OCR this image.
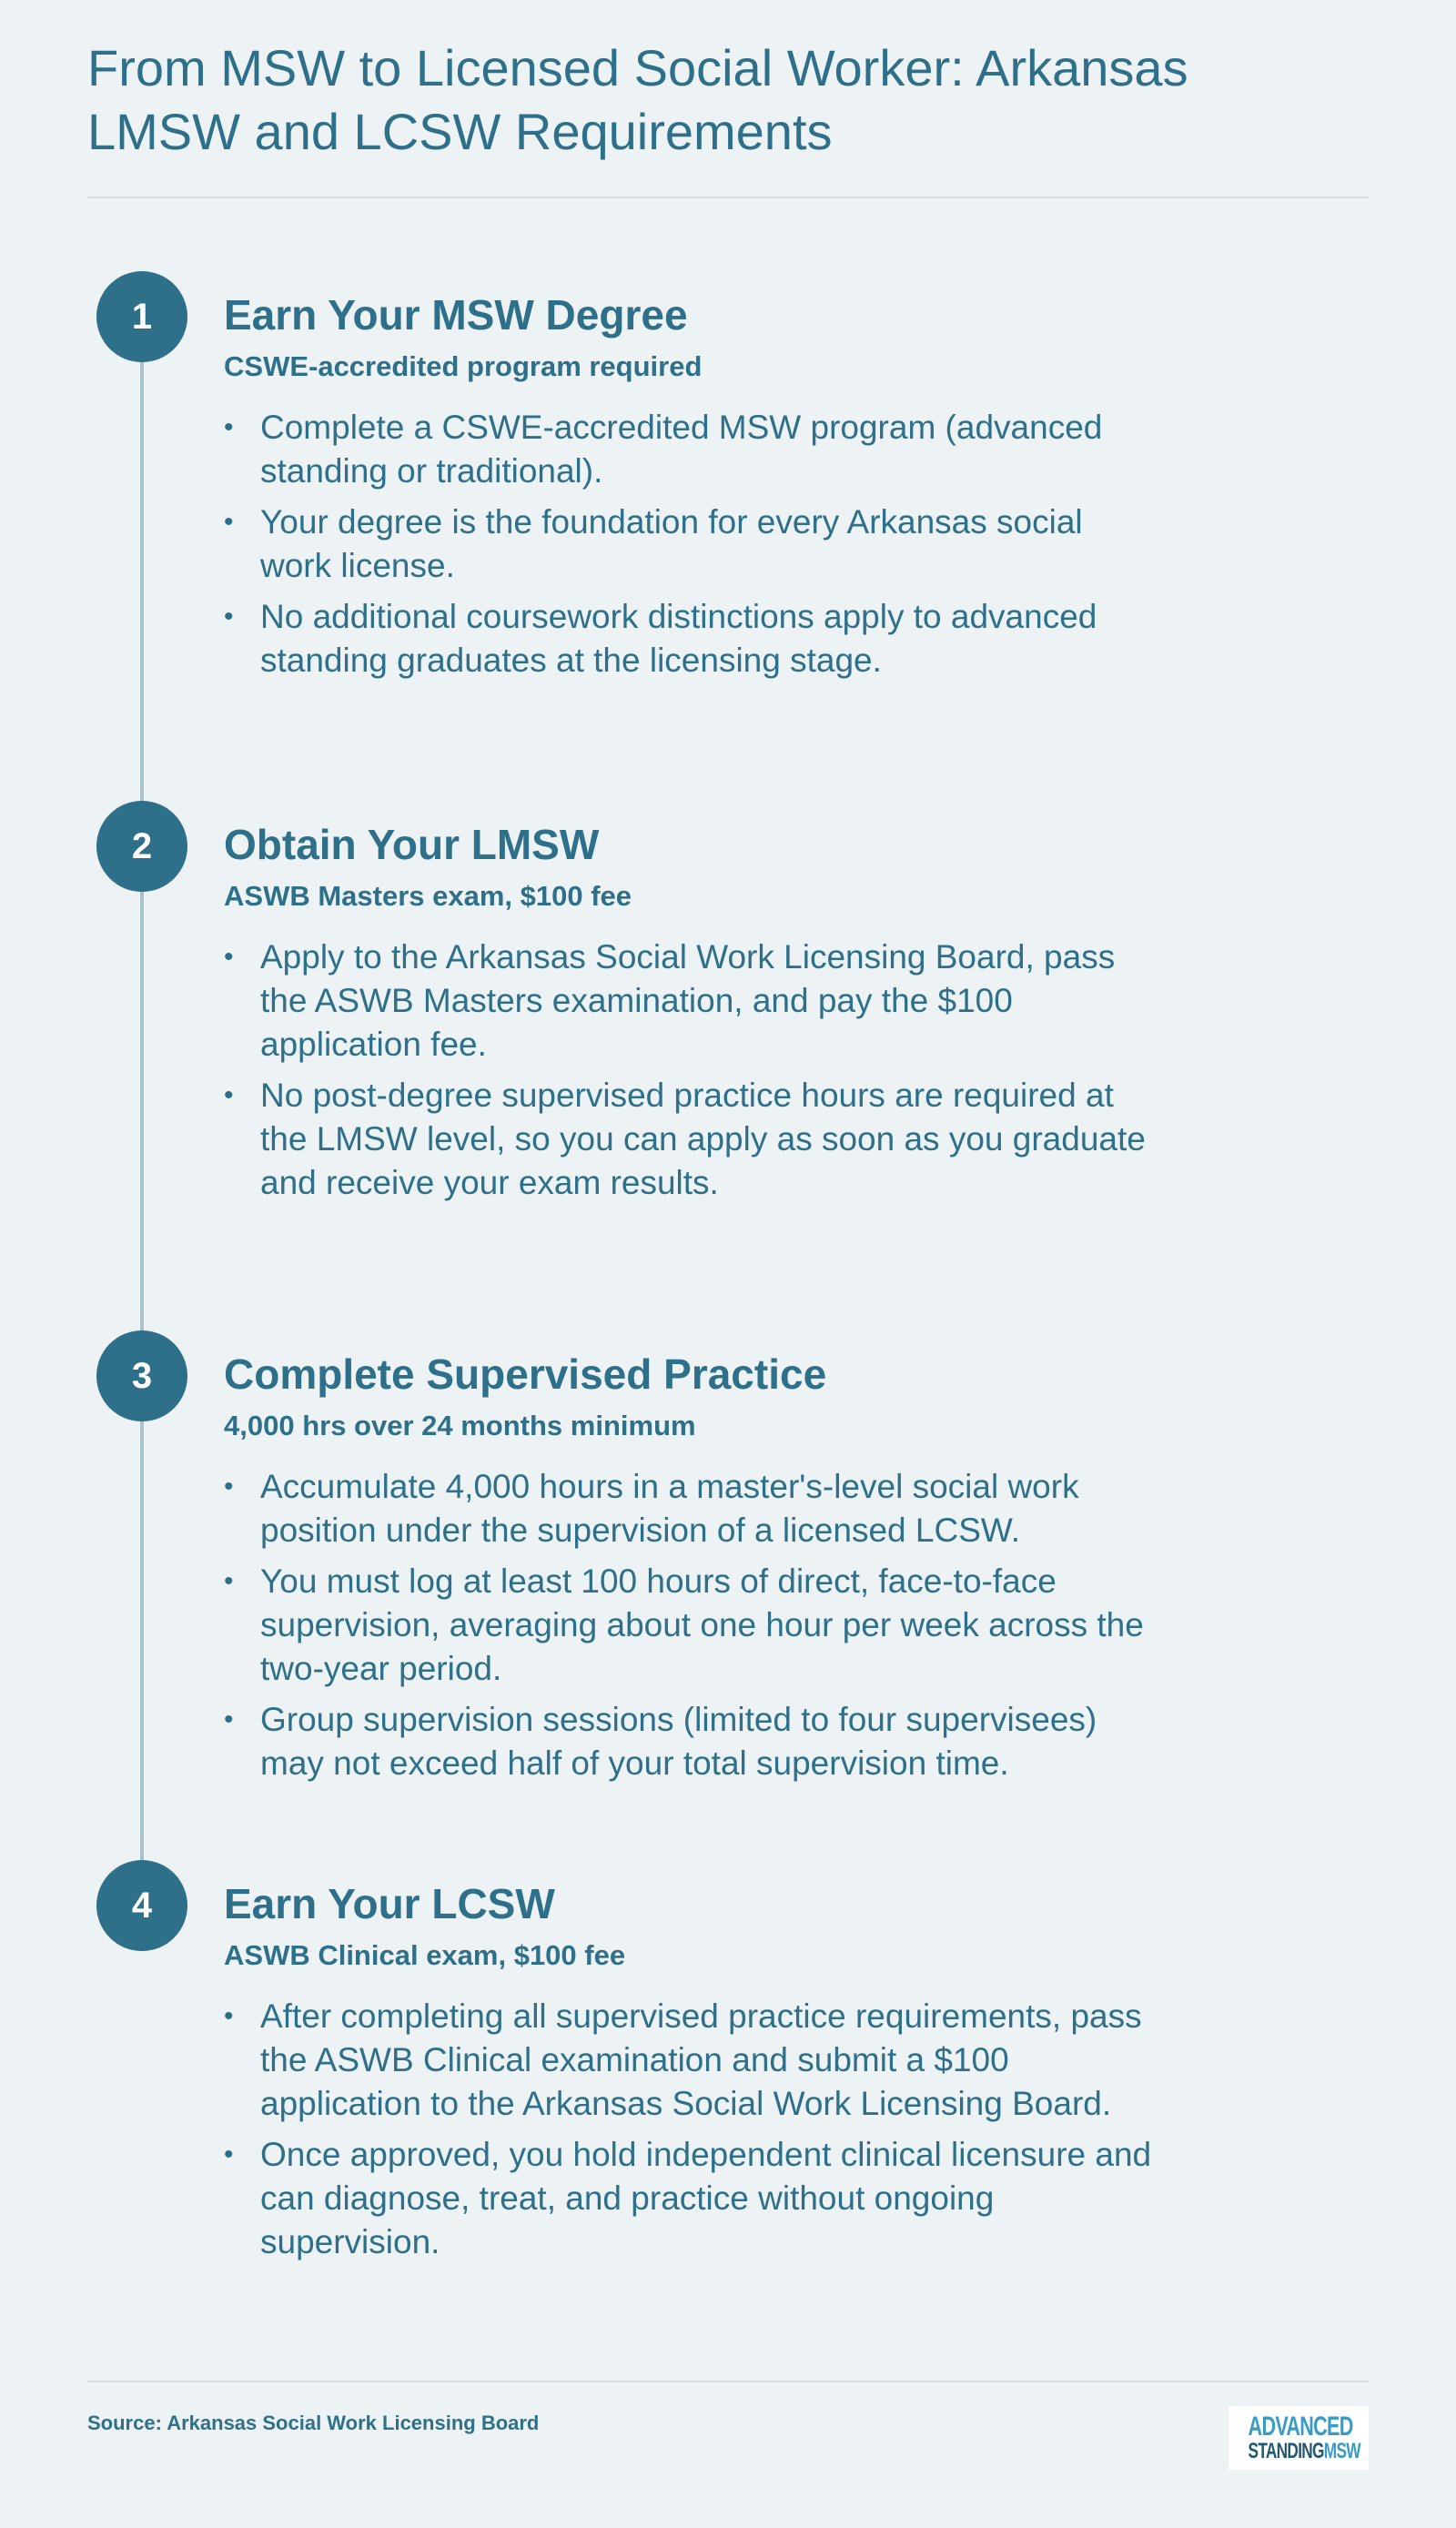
From MSW to Licensed Social Worker: Arkansas LMSW and LCSW Requirements
1	Earn Your MSW Degree
CSWE-accredited program required
• Complete a CSWE-accredited MSW program (advanced standing or traditional).
• Your degree is the foundation for every Arkansas social work license.
• No additional coursework distinctions apply to advanced standing graduates at the licensing stage.
2	Obtain Your LMSW
ASWB Masters exam, $100 fee
• Apply to the Arkansas Social Work Licensing Board, pass the ASWB Masters examination, and pay the $100 application fee.
• No post-degree supervised practice hours are required at the LMSW level, so you can apply as soon as you graduate and receive your exam results.
3	Complete Supervised Practice
4,000 hrs over 24 months minimum
• Accumulate 4,000 hours in a master's-level social work position under the supervision of a licensed LCSW.
• You must log at least 100 hours of direct, face-to-face supervision, averaging about one hour per week across the two-year period.
• Group supervision sessions (limited to four supervisees) may not exceed half of your total supervision time.
4	Earn Your LCSW
ASWB Clinical exam, $100 fee
• After completing all supervised practice requirements, pass the ASWB Clinical examination and submit a $100 application to the Arkansas Social Work Licensing Board.
• Once approved, you hold independent clinical licensure and can diagnose, treat, and practice without ongoing supervision.
Source: Arkansas Social Work Licensing Board	ADVANCED
STANDINGMSW
